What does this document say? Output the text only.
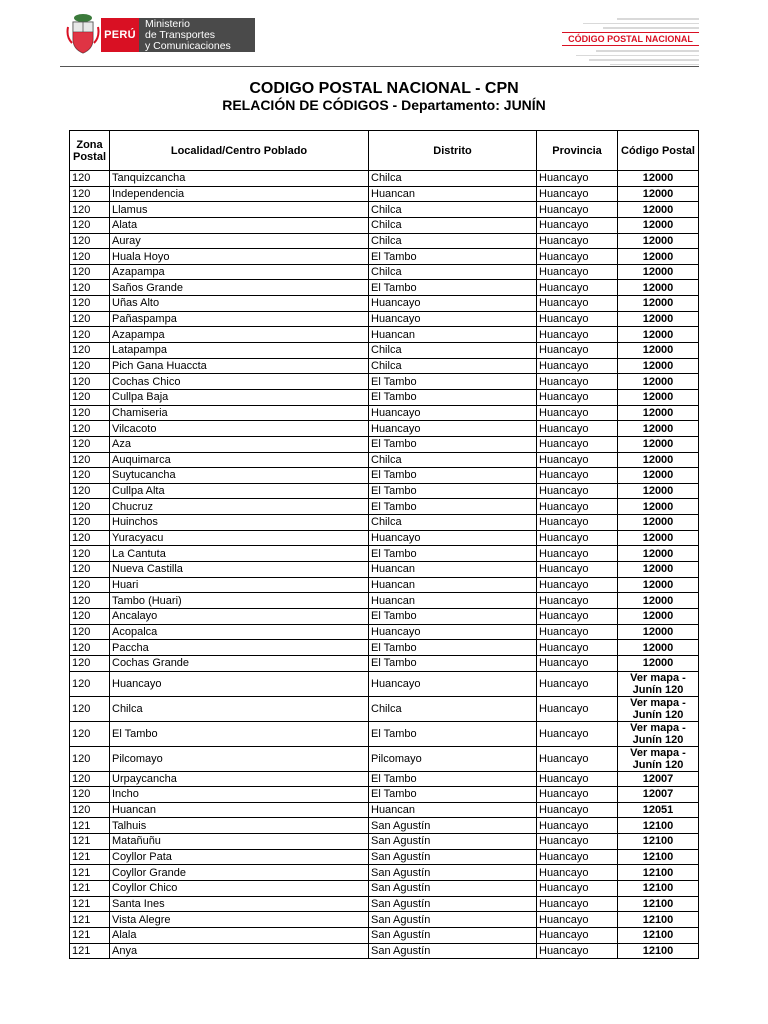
PERÚ
Ministerio
de Transportes
y Comunicaciones
CÓDIGO POSTAL NACIONAL
CODIGO POSTAL NACIONAL - CPN
RELACIÓN DE CÓDIGOS - Departamento: JUNÍN
Zona Postal	Localidad/Centro Poblado	Distrito	Provincia	Código Postal
120	Tanquizcancha	Chilca	Huancayo	12000
120	Independencia	Huancan	Huancayo	12000
120	Llamus	Chilca	Huancayo	12000
120	Alata	Chilca	Huancayo	12000
120	Auray	Chilca	Huancayo	12000
120	Huala Hoyo	El Tambo	Huancayo	12000
120	Azapampa	Chilca	Huancayo	12000
120	Saños Grande	El Tambo	Huancayo	12000
120	Uñas Alto	Huancayo	Huancayo	12000
120	Pañaspampa	Huancayo	Huancayo	12000
120	Azapampa	Huancan	Huancayo	12000
120	Latapampa	Chilca	Huancayo	12000
120	Pich Gana Huaccta	Chilca	Huancayo	12000
120	Cochas Chico	El Tambo	Huancayo	12000
120	Cullpa Baja	El Tambo	Huancayo	12000
120	Chamiseria	Huancayo	Huancayo	12000
120	Vilcacoto	Huancayo	Huancayo	12000
120	Aza	El Tambo	Huancayo	12000
120	Auquimarca	Chilca	Huancayo	12000
120	Suytucancha	El Tambo	Huancayo	12000
120	Cullpa Alta	El Tambo	Huancayo	12000
120	Chucruz	El Tambo	Huancayo	12000
120	Huinchos	Chilca	Huancayo	12000
120	Yuracyacu	Huancayo	Huancayo	12000
120	La Cantuta	El Tambo	Huancayo	12000
120	Nueva Castilla	Huancan	Huancayo	12000
120	Huari	Huancan	Huancayo	12000
120	Tambo (Huari)	Huancan	Huancayo	12000
120	Ancalayo	El Tambo	Huancayo	12000
120	Acopalca	Huancayo	Huancayo	12000
120	Paccha	El Tambo	Huancayo	12000
120	Cochas Grande	El Tambo	Huancayo	12000
120	Huancayo	Huancayo	Huancayo	Ver mapa - Junín 120
120	Chilca	Chilca	Huancayo	Ver mapa - Junín 120
120	El Tambo	El Tambo	Huancayo	Ver mapa - Junín 120
120	Pilcomayo	Pilcomayo	Huancayo	Ver mapa - Junín 120
120	Urpaycancha	El Tambo	Huancayo	12007
120	Incho	El Tambo	Huancayo	12007
120	Huancan	Huancan	Huancayo	12051
121	Talhuis	San Agustín	Huancayo	12100
121	Matañuñu	San Agustín	Huancayo	12100
121	Coyllor Pata	San Agustín	Huancayo	12100
121	Coyllor Grande	San Agustín	Huancayo	12100
121	Coyllor Chico	San Agustín	Huancayo	12100
121	Santa Ines	San Agustín	Huancayo	12100
121	Vista Alegre	San Agustín	Huancayo	12100
121	Alala	San Agustín	Huancayo	12100
121	Anya	San Agustín	Huancayo	12100
